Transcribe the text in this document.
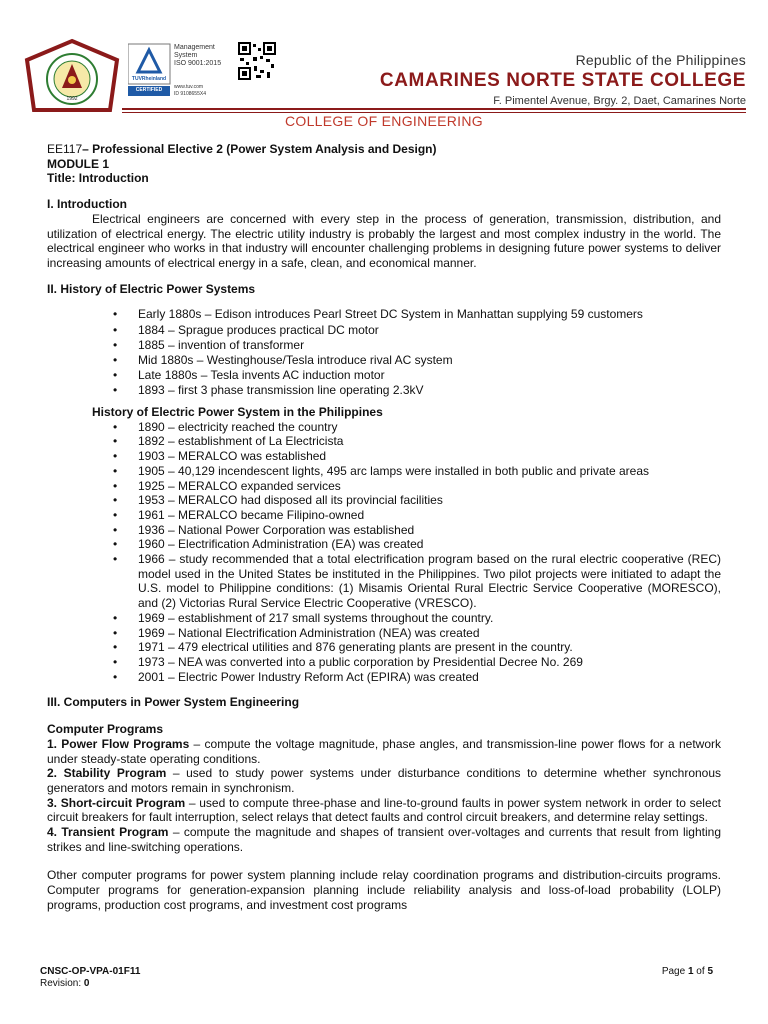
1992
Management
System
ISO 9001:2015
TUVRheinland
CERTIFIED	www.tuv.com
ID 9108655X4
Republic of the Philippines
CAMARINES NORTE STATE COLLEGE
F. Pimentel Avenue, Brgy. 2, Daet, Camarines Norte
COLLEGE OF ENGINEERING

EE117– Professional Elective 2 (Power System Analysis and Design)

MODULE 1

Title: Introduction

I. Introduction

Electrical engineers are concerned with every step in the process of generation, transmission, distribution, and utilization of electrical energy. The electric utility industry is probably the largest and most complex industry in the world. The electrical engineer who works in that industry will encounter challenging problems in designing future power systems to deliver increasing amounts of electrical energy in a safe, clean, and economical manner.

II. History of Electric Power Systems

• Early 1880s – Edison introduces Pearl Street DC System in Manhattan supplying 59 customers
• 1884 – Sprague produces practical DC motor
• 1885 – invention of transformer
• Mid 1880s – Westinghouse/Tesla introduce rival AC system
• Late 1880s – Tesla invents AC induction motor
• 1893 – first 3 phase transmission line operating 2.3kV

History of Electric Power System in the Philippines

• 1890 – electricity reached the country
• 1892 – establishment of La Electricista
• 1903 – MERALCO was established
• 1905 – 40,129 incendescent lights, 495 arc lamps were installed in both public and private areas
• 1925 – MERALCO expanded services
• 1953 – MERALCO had disposed all its provincial facilities
• 1961 – MERALCO became Filipino-owned
• 1936 – National Power Corporation was established
• 1960 – Electrification Administration (EA) was created
• 1966 – study recommended that a total electrification program based on the rural electric cooperative (REC) model used in the United States be instituted in the Philippines. Two pilot projects were initiated to adapt the U.S. model to Philippine conditions: (1) Misamis Oriental Rural Electric Service Cooperative (MORESCO), and (2) Victorias Rural Service Electric Cooperative (VRESCO).
• 1969 – establishment of 217 small systems throughout the country.
• 1969 – National Electrification Administration (NEA) was created
• 1971 – 479 electrical utilities and 876 generating plants are present in the country.
• 1973 – NEA was converted into a public corporation by Presidential Decree No. 269
• 2001 – Electric Power Industry Reform Act (EPIRA) was created

III. Computers in Power System Engineering

Computer Programs

1. Power Flow Programs – compute the voltage magnitude, phase angles, and transmission-line power flows for a network under steady-state operating conditions.

2. Stability Program – used to study power systems under disturbance conditions to determine whether synchronous generators and motors remain in synchronism.

3. Short-circuit Program – used to compute three-phase and line-to-ground faults in power system network in order to select circuit breakers for fault interruption, select relays that detect faults and control circuit breakers, and determine relay settings.

4. Transient Program – compute the magnitude and shapes of transient over-voltages and currents that result from lighting strikes and line-switching operations.

Other computer programs for power system planning include relay coordination programs and distribution-circuits programs. Computer programs for generation-expansion planning include reliability analysis and loss-of-load probability (LOLP) programs, production cost programs, and investment cost programs

CNSC-OP-VPA-01F11
Revision: 0
Page 1 of 5
